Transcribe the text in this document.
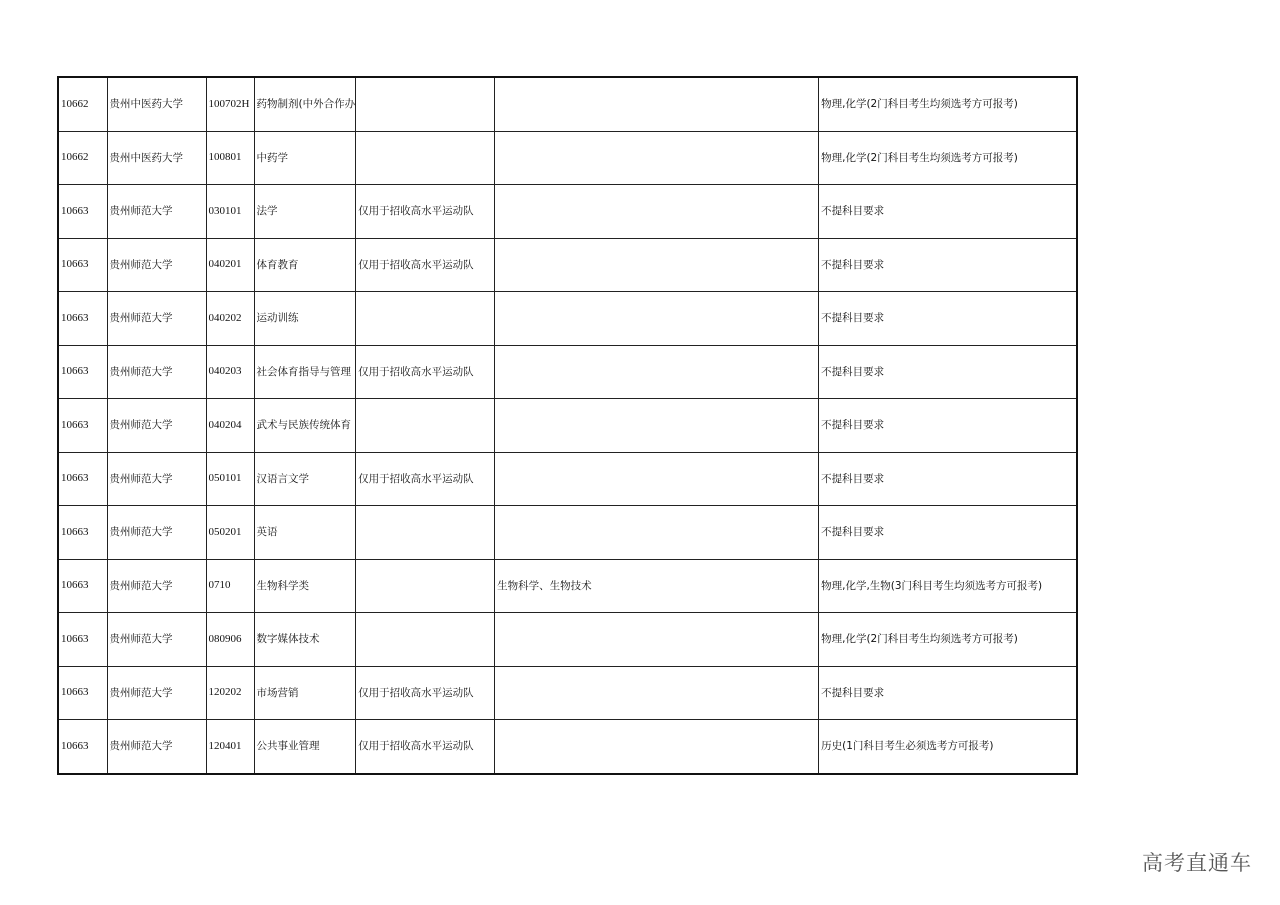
10662	贵州中医药大学	100702H	药物制剂(中外合作办			物理,化学(2门科目考生均须选考方可报考)
10662	贵州中医药大学	100801	中药学			物理,化学(2门科目考生均须选考方可报考)
10663	贵州师范大学	030101	法学	仅用于招收高水平运动队		不提科目要求
10663	贵州师范大学	040201	体育教育	仅用于招收高水平运动队		不提科目要求
10663	贵州师范大学	040202	运动训练			不提科目要求
10663	贵州师范大学	040203	社会体育指导与管理	仅用于招收高水平运动队		不提科目要求
10663	贵州师范大学	040204	武术与民族传统体育			不提科目要求
10663	贵州师范大学	050101	汉语言文学	仅用于招收高水平运动队		不提科目要求
10663	贵州师范大学	050201	英语			不提科目要求
10663	贵州师范大学	0710	生物科学类		生物科学、生物技术	物理,化学,生物(3门科目考生均须选考方可报考)
10663	贵州师范大学	080906	数字媒体技术			物理,化学(2门科目考生均须选考方可报考)
10663	贵州师范大学	120202	市场营销	仅用于招收高水平运动队		不提科目要求
10663	贵州师范大学	120401	公共事业管理	仅用于招收高水平运动队		历史(1门科目考生必须选考方可报考)
高考直通车
